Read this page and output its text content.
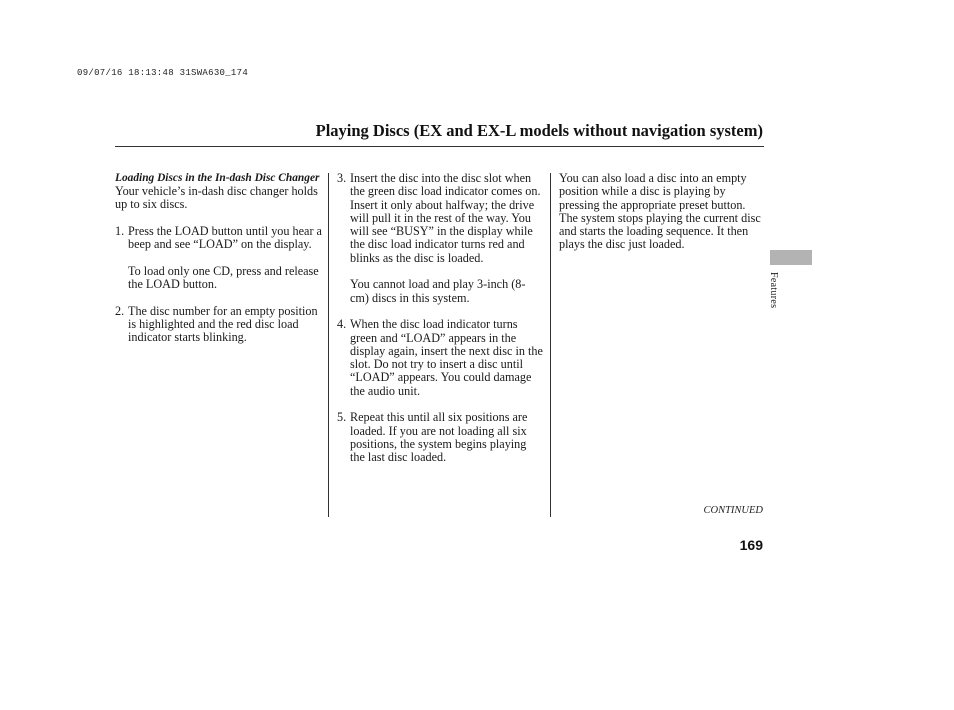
09/07/16 18:13:48 31SWA630_174
Playing Discs (EX and EX-L models without navigation system)

Loading Discs in the In-dash Disc Changer

Your vehicle’s in-dash disc changer holds up to six discs.

1. Press the LOAD button until you hear a beep and see “LOAD” on the display.

To load only one CD, press and release the LOAD button.

2. The disc number for an empty position is highlighted and the red disc load indicator starts blinking.
3. Insert the disc into the disc slot when the green disc load indicator comes on. Insert it only about halfway; the drive will pull it in the rest of the way. You will see “BUSY” in the display while the disc load indicator turns red and blinks as the disc is loaded.

You cannot load and play 3-inch (8-cm) discs in this system.

4. When the disc load indicator turns green and “LOAD” appears in the display again, insert the next disc in the slot. Do not try to insert a disc until “LOAD” appears. You could damage the audio unit.
5. Repeat this until all six positions are loaded. If you are not loading all six positions, the system begins playing the last disc loaded.

You can also load a disc into an empty position while a disc is playing by pressing the appropriate preset button. The system stops playing the current disc and starts the loading sequence. It then plays the disc just loaded.

CONTINUED
169
Features
